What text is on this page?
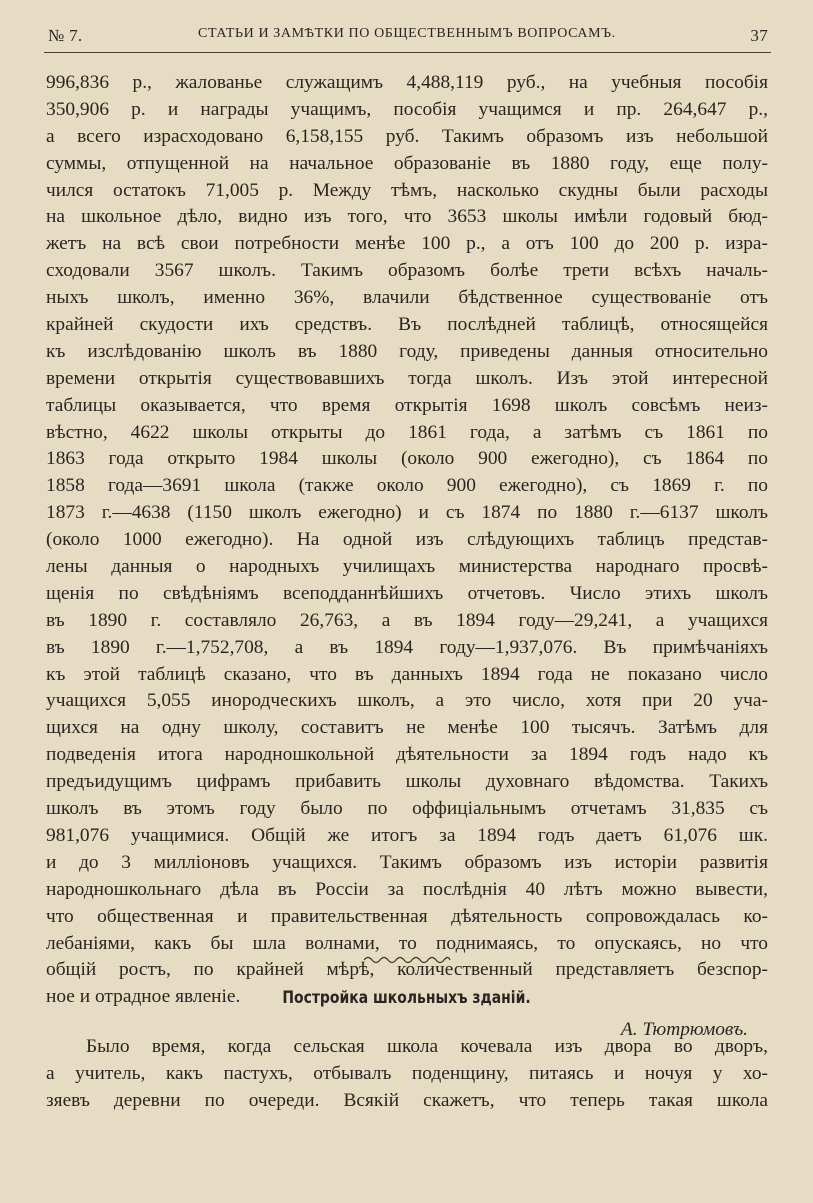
№ 7.	СТАТЬИ И ЗАМѢТКИ ПО ОБЩЕСТВЕННЫМЪ ВОПРОСАМЪ.	37
996,836 р., жалованье служащимъ 4,488,119 руб., на учебныя пособія
350,906 р. и награды учащимъ, пособія учащимся и пр. 264,647 р.,
а всего израсходовано 6,158,155 руб. Такимъ образомъ изъ небольшой
суммы, отпущенной на начальное образованіе въ 1880 году, еще полу-
чился остатокъ 71,005 р. Между тѣмъ, насколько скудны были расходы
на школьное дѣло, видно изъ того, что 3653 школы имѣли годовый бюд-
жетъ на всѣ свои потребности менѣе 100 р., а отъ 100 до 200 р. изра-
сходовали 3567 школъ. Такимъ образомъ болѣе трети всѣхъ началь-
ныхъ школъ, именно 36%, влачили бѣдственное существованіе отъ
крайней скудости ихъ средствъ. Въ послѣдней таблицѣ, относящейся
къ изслѣдованію школъ въ 1880 году, приведены данныя относительно
времени открытія существовавшихъ тогда школъ. Изъ этой интересной
таблицы оказывается, что время открытія 1698 школъ совсѣмъ неиз-
вѣстно, 4622 школы открыты до 1861 года, а затѣмъ съ 1861 по
1863 года открыто 1984 школы (около 900 ежегодно), съ 1864 по
1858 года—3691 школа (также около 900 ежегодно), съ 1869 г. по
1873 г.—4638 (1150 школъ ежегодно) и съ 1874 по 1880 г.—6137 школъ
(около 1000 ежегодно). На одной изъ слѣдующихъ таблицъ представ-
лены данныя о народныхъ училищахъ министерства народнаго просвѣ-
щенія по свѣдѣніямъ всеподданнѣйшихъ отчетовъ. Число этихъ школъ
въ 1890 г. составляло 26,763, а въ 1894 году—29,241, а учащихся
въ 1890 г.—1,752,708, а въ 1894 году—1,937,076. Въ примѣчаніяхъ
къ этой таблицѣ сказано, что въ данныхъ 1894 года не показано число
учащихся 5,055 инородческихъ школъ, а это число, хотя при 20 уча-
щихся на одну школу, составитъ не менѣе 100 тысячъ. Затѣмъ для
подведенія итога народношкольной дѣятельности за 1894 годъ надо къ
предъидущимъ цифрамъ прибавить школы духовнаго вѣдомства. Такихъ
школъ въ этомъ году было по оффиціальнымъ отчетамъ 31,835 съ
981,076 учащимися. Общій же итогъ за 1894 годъ даетъ 61,076 шк.
и до 3 милліоновъ учащихся. Такимъ образомъ изъ исторіи развитія
народношкольнаго дѣла въ Россіи за послѣднія 40 лѣтъ можно вывести,
что общественная и правительственная дѣятельность сопровождалась ко-
лебаніями, какъ бы шла волнами, то поднимаясь, то опускаясь, но что
общій ростъ, по крайней мѣрѣ, количественный представляетъ безспор-
ное и отрадное явленіе.
А. Тютрюмовъ.
Постройка школьныхъ зданій.
Было время, когда сельская школа кочевала изъ двора во дворъ,
а учитель, какъ пастухъ, отбывалъ поденщину, питаясь и ночуя у хо-
зяевъ деревни по очереди. Всякій скажетъ, что теперь такая школа
